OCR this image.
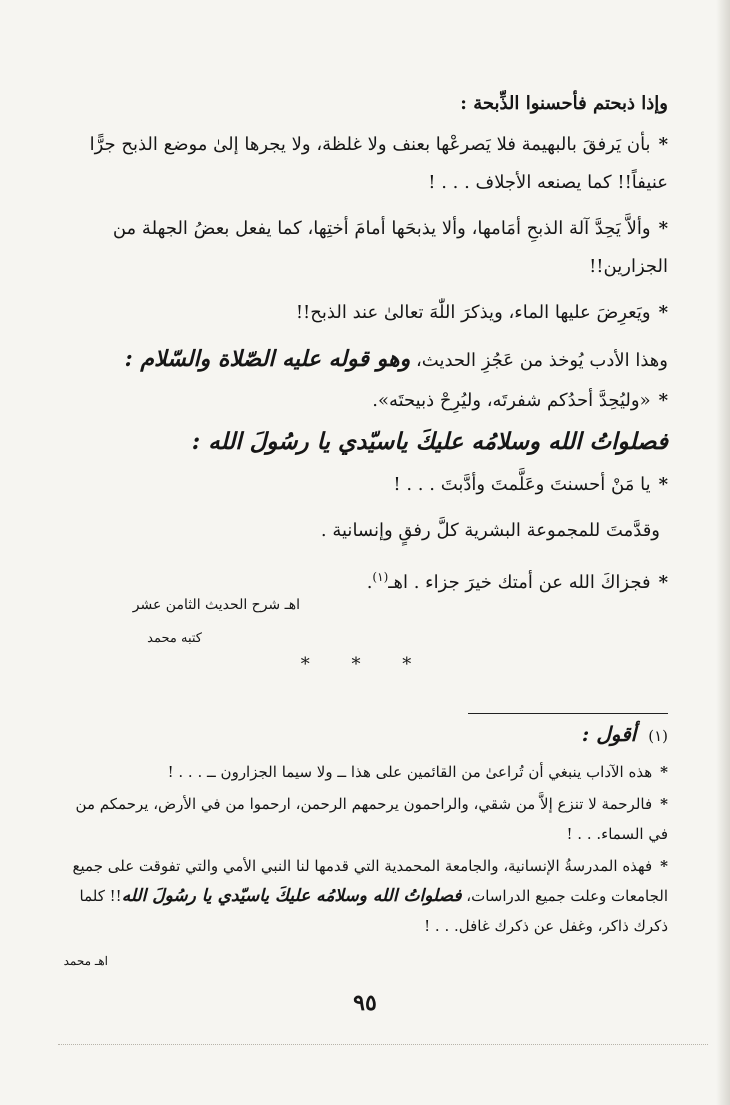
وإذا ذبحتم فأحسنوا الذِّبحة :

*بأن يَرفقَ بالبهيمة فلا يَصرعْها بعنف ولا غلظة، ولا يجرها إلىٰ موضع الذبح جرًّا عنيفاً!! كما يصنعه الأجلاف . . . !

*وألاَّ يَحِدَّ آلة الذبحِ أمَامها، وألا يذبحَها أمامَ أختِها، كما يفعل بعضُ الجهلة من الجزارين!!

*ويَعرِضَ عليها الماء، ويذكرَ اللّٰهَ تعالىٰ عند الذبح!!

وهذا الأدب يُوخذ من عَجُزِ الحديث، وهو قوله عليه الصّلاة والسّلام :

*«وليُحِدَّ أحدُكم شفرتَه، وليُرِحْ ذبيحتَه».

فصلواتُ الله وسلامُه عليكَ ياسيّدي يا رسُولَ الله :

*يا مَنْ أحسنتَ وعَلَّمتَ وأدَّبتَ . . . !

وقدَّمتَ للمجموعة البشرية كلَّ رفقٍ وإنسانية .

*فجزاكَ الله عن أمتك خيرَ جزاء . اهـ$^{(١)}$.

اهـ شرح الحديث الثامن عشر
كتبه محمد
* * *
(١)أقول :

*هذه الآداب ينبغي أن تُراعىٰ من القائمين على هذا ــ ولا سيما الجزارون ــ . . . !

*فالرحمة لا تنزع إلاَّ من شقي، والراحمون يرحمهم الرحمن، ارحموا من في الأرض، يرحمكم من في السماء. . . !

*فهذه المدرسةُ الإنسانية، والجامعة المحمدية التي قدمها لنا النبي الأمي والتي تفوقت على جميع الجامعات وعلت جميع الدراسات، فصلواتُ الله وسلامُه عليكَ ياسيّدي يا رسُولَ الله!! كلما ذكرك ذاكر، وغفل عن ذكرك غافل. . . !

اهـ محمد
٩٥
